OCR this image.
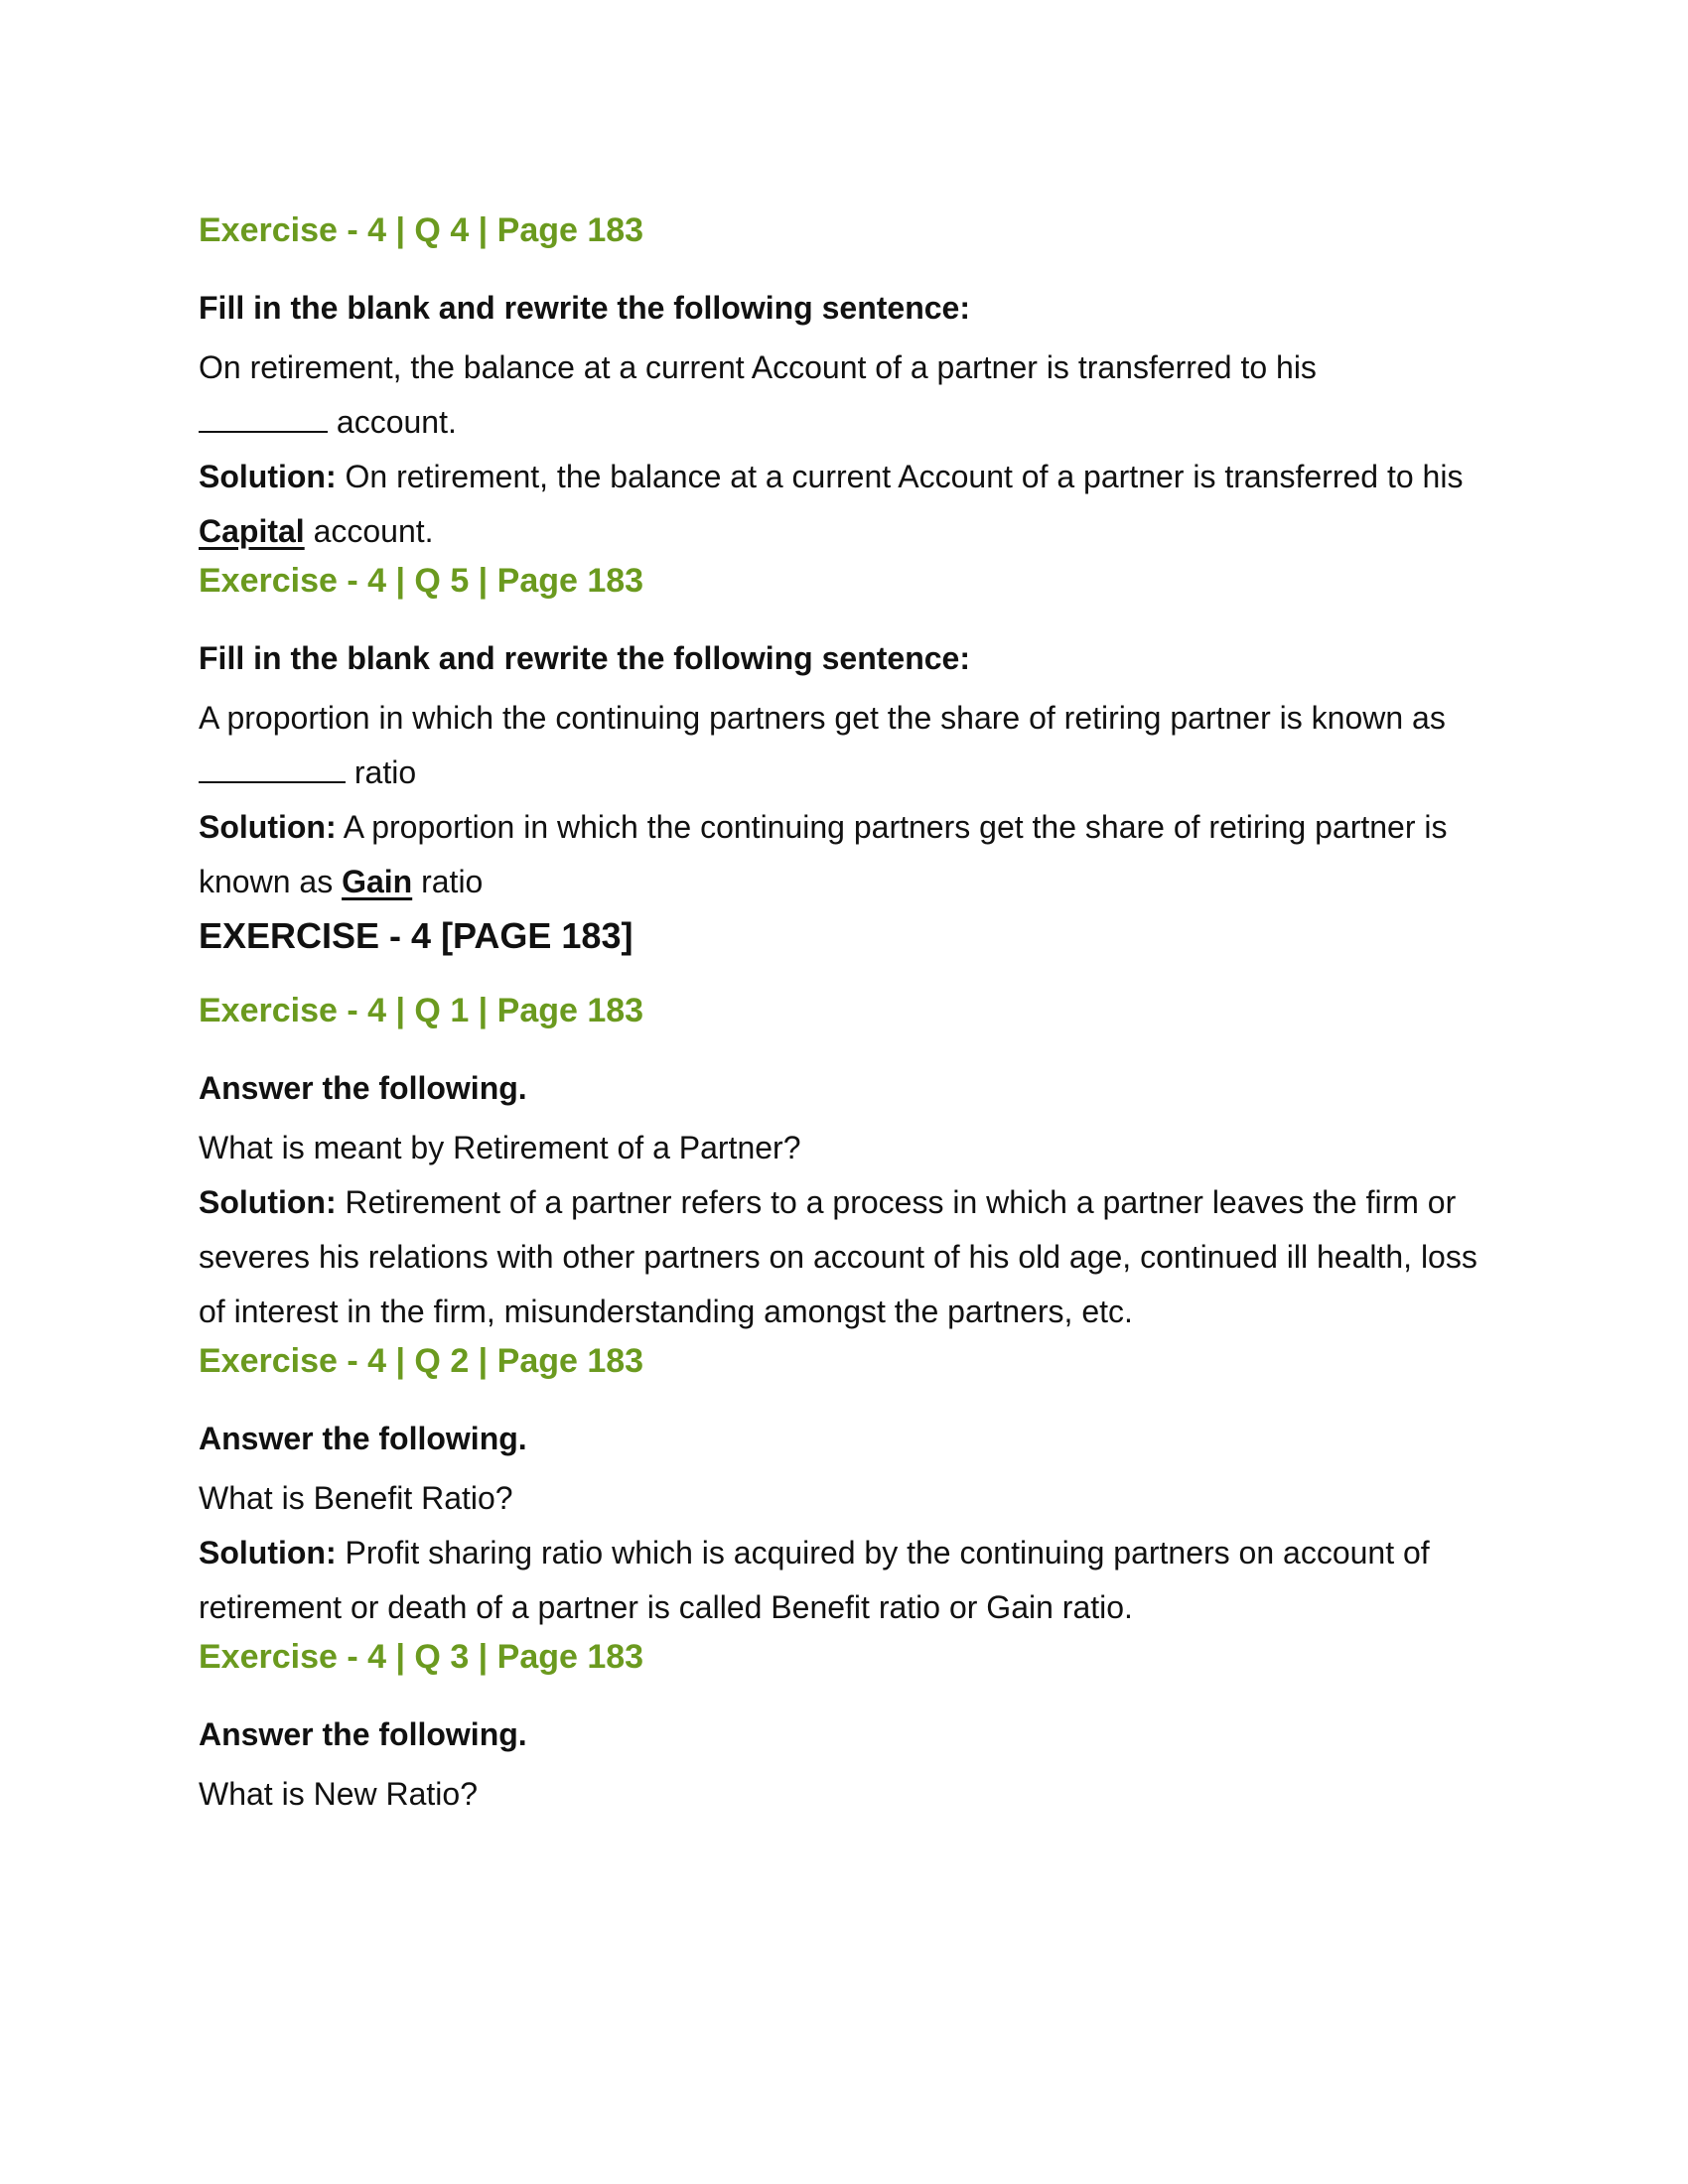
Exercise - 4 | Q 4 | Page 183
Fill in the blank and rewrite the following sentence:
On retirement, the balance at a current Account of a partner is transferred to his
account.
Solution: On retirement, the balance at a current Account of a partner is transferred to his Capital account.
Exercise - 4 | Q 5 | Page 183
Fill in the blank and rewrite the following sentence:
A proportion in which the continuing partners get the share of retiring partner is known as  ratio
Solution: A proportion in which the continuing partners get the share of retiring partner is known as Gain ratio
EXERCISE - 4 [PAGE 183]
Exercise - 4 | Q 1 | Page 183
Answer the following.
What is meant by Retirement of a Partner?
Solution: Retirement of a partner refers to a process in which a partner leaves the firm or severes his relations with other partners on account of his old age, continued ill health, loss of interest in the firm, misunderstanding amongst the partners, etc.
Exercise - 4 | Q 2 | Page 183
Answer the following.
What is Benefit Ratio?
Solution: Profit sharing ratio which is acquired by the continuing partners on account of retirement or death of a partner is called Benefit ratio or Gain ratio.
Exercise - 4 | Q 3 | Page 183
Answer the following.
What is New Ratio?
